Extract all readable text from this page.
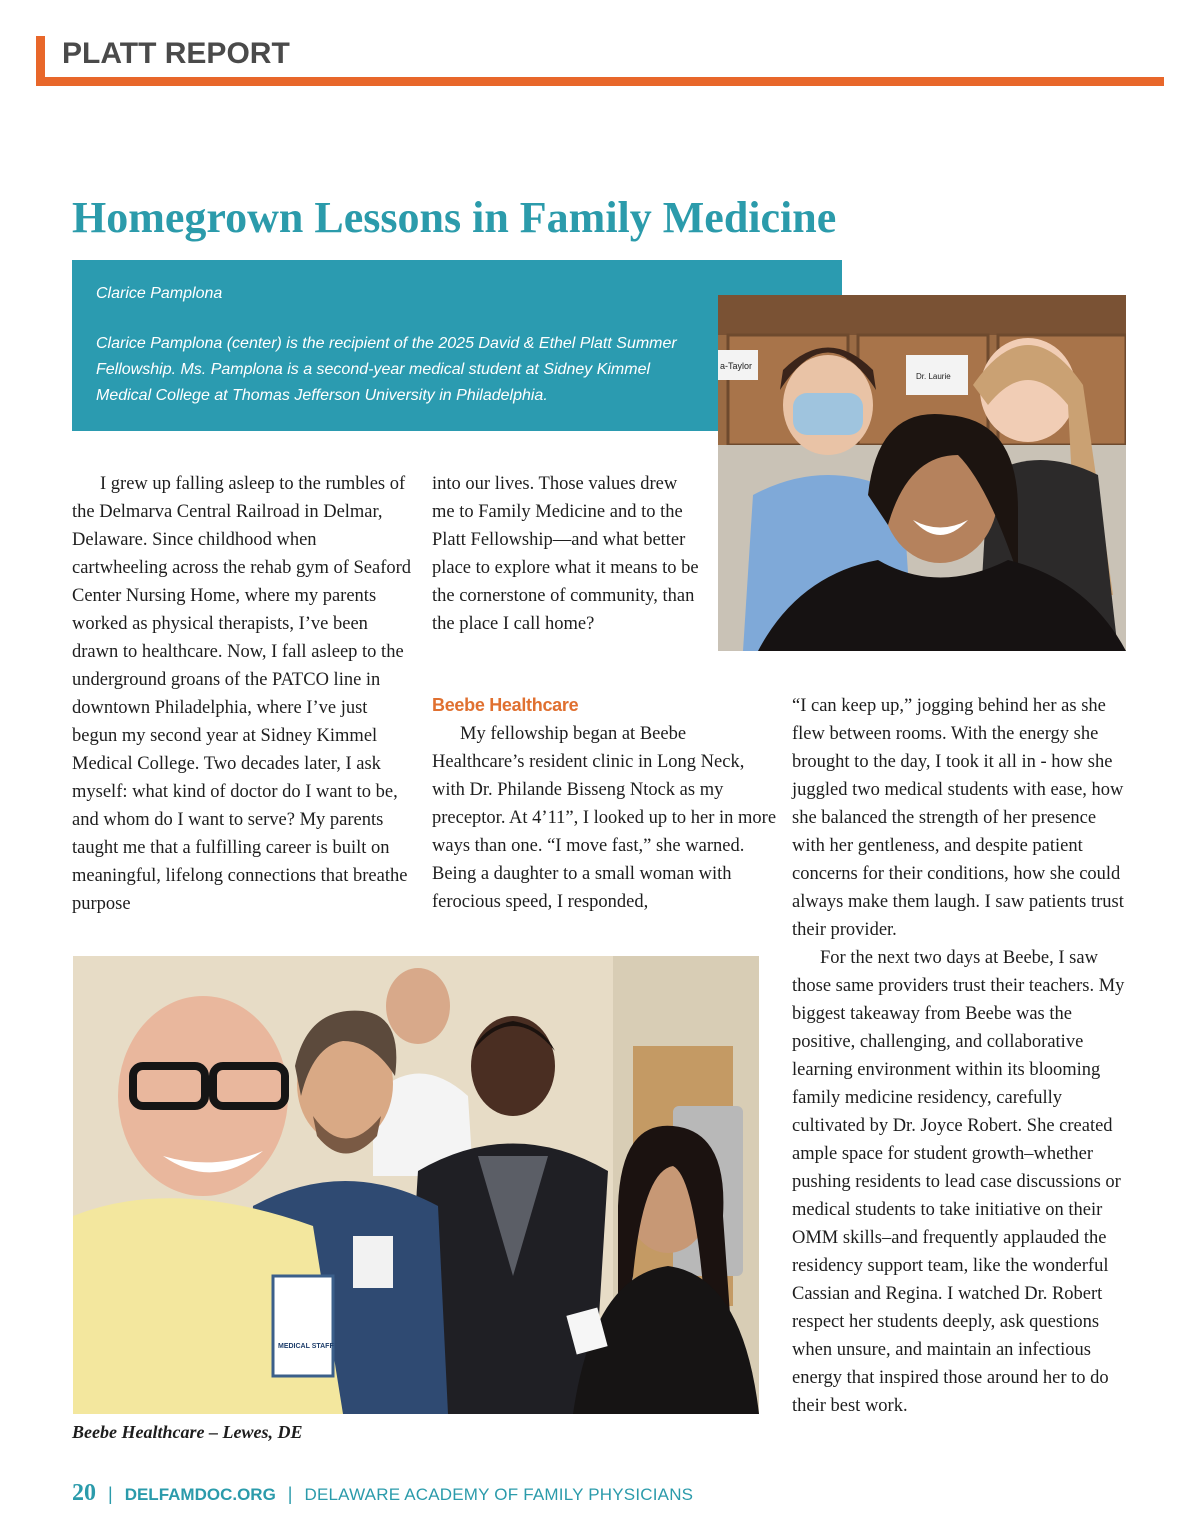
PLATT REPORT
Homegrown Lessons in Family Medicine
Clarice Pamplona
Clarice Pamplona (center) is the recipient of the 2025 David & Ethel Platt Summer Fellowship. Ms. Pamplona is a second-year medical student at Sidney Kimmel Medical College at Thomas Jefferson University in Philadelphia.
a-Taylor
Dr. Laurie

I grew up falling asleep to the rumbles of the Delmarva Central Railroad in Delmar, Delaware. Since childhood when cartwheeling across the rehab gym of Seaford Center Nursing Home, where my parents worked as physical therapists, I’ve been drawn to healthcare. Now, I fall asleep to the underground groans of the PATCO line in downtown Philadelphia, where I’ve just begun my second year at Sidney Kimmel Medical College. Two decades later, I ask myself: what kind of doctor do I want to be, and whom do I want to serve? My parents taught me that a fulfilling career is built on meaningful, lifelong connections that breathe purpose

into our lives. Those values drew me to Family Medicine and to the Platt Fellowship—and what better place to explore what it means to be the cornerstone of community, than the place I call home?

Beebe Healthcare

My fellowship began at Beebe Healthcare’s resident clinic in Long Neck, with Dr. Philande Bisseng Ntock as my preceptor. At 4’11”, I looked up to her in more ways than one. “I move fast,” she warned. Being a daughter to a small woman with ferocious speed, I responded,

“I can keep up,” jogging behind her as she flew between rooms. With the energy she brought to the day, I took it all in - how she juggled two medical students with ease, how she balanced the strength of her presence with her gentleness, and despite patient concerns for their conditions, how she could always make them laugh. I saw patients trust their provider.

For the next two days at Beebe, I saw those same providers trust their teachers. My biggest takeaway from Beebe was the positive, challenging, and collaborative learning environment within its blooming family medicine residency, carefully cultivated by Dr. Joyce Robert. She created ample space for student growth–whether pushing residents to lead case discussions or medical students to take initiative on their OMM skills–and frequently applauded the residency support team, like the wonderful Cassian and Regina. I watched Dr. Robert respect her students deeply, ask questions when unsure, and maintain an infectious energy that inspired those around her to do their best work.

MEDICAL STAFF
Beebe Healthcare – Lewes, DE
20 | DELFAMDOC.ORG | DELAWARE ACADEMY OF FAMILY PHYSICIANS
